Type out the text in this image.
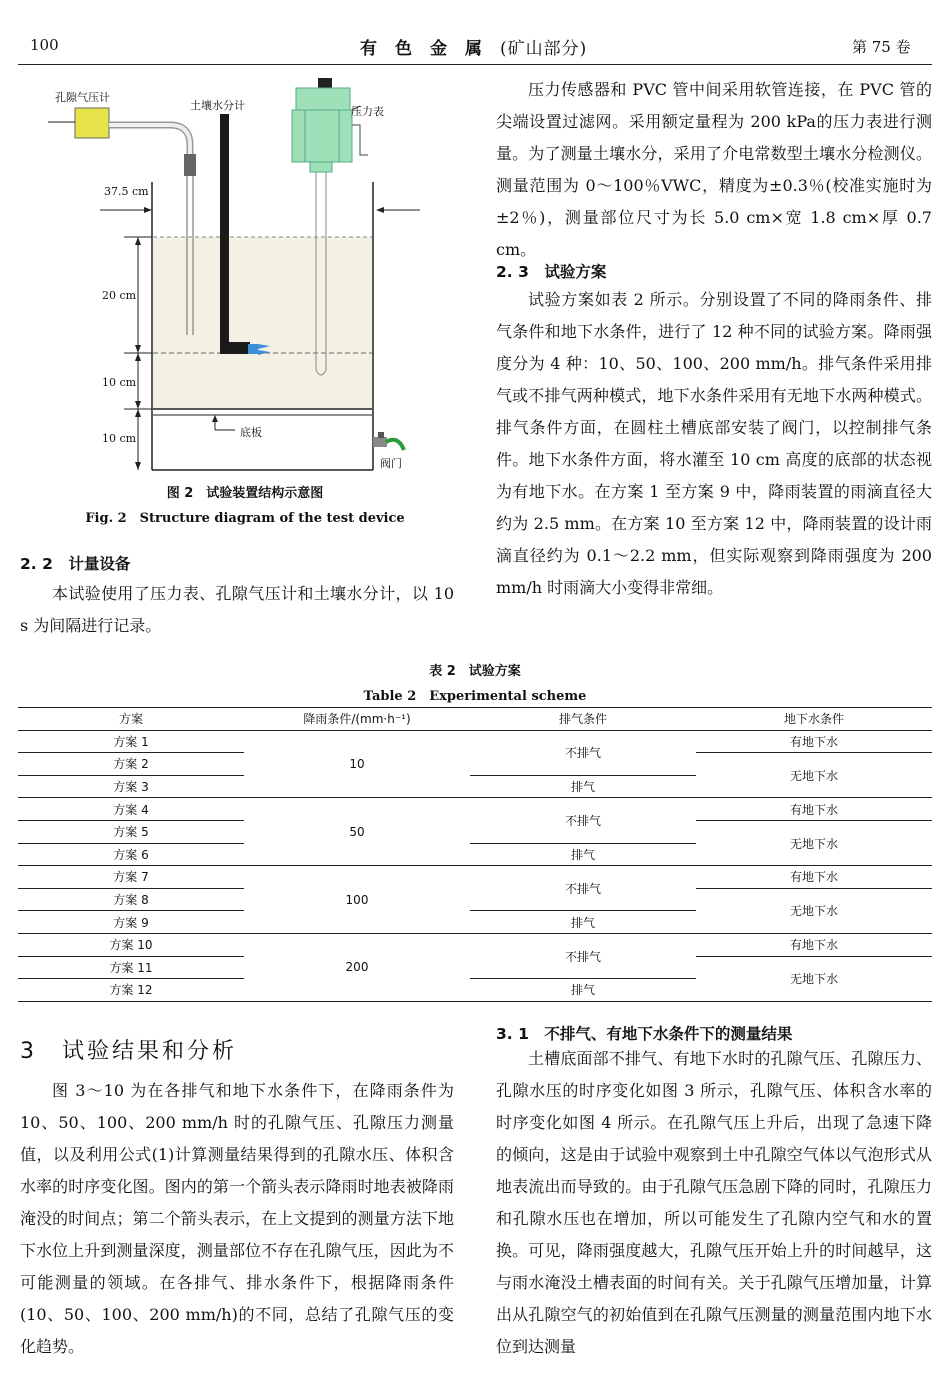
100	有色金属(矿山部分)	第 75 卷
孔隙气压计
土壤水分计	压力表
底板
阀门
37.5 cm
20 cm
10 cm
10 cm
图 2　试验装置结构示意图
Fig. 2　Structure diagram of the test device
2. 2　计量设备

本试验使用了压力表、孔隙气压计和土壤水分计，以 10 s 为间隔进行记录。

压力传感器和 PVC 管中间采用软管连接，在 PVC 管的尖端设置过滤网。采用额定量程为 200 kPa的压力表进行测量。为了测量土壤水分，采用了介电常数型土壤水分检测仪。测量范围为 0～100％VWC，精度为±0.3％(校准实施时为±2％)，测量部位尺寸为长 5.0 cm×宽 1.8 cm×厚 0.7 cm。

2. 3　试验方案

试验方案如表 2 所示。分别设置了不同的降雨条件、排气条件和地下水条件，进行了 12 种不同的试验方案。降雨强度分为 4 种：10、50、100、200 mm/h。排气条件采用排气或不排气两种模式，地下水条件采用有无地下水两种模式。排气条件方面，在圆柱土槽底部安装了阀门，以控制排气条件。地下水条件方面，将水灌至 10 cm 高度的底部的状态视为有地下水。在方案 1 至方案 9 中，降雨装置的雨滴直径大约为 2.5 mm。在方案 10 至方案 12 中，降雨装置的设计雨滴直径约为 0.1～2.2 mm，但实际观察到降雨强度为 200 mm/h 时雨滴大小变得非常细。

表 2　试验方案
Table 2　Experimental scheme
方案	降雨条件/(mm·h⁻¹)	排气条件	地下水条件
方案 1	10	不排气	有地下水
方案 2			无地下水
方案 3		排气	
方案 4	50	不排气	有地下水
方案 5			无地下水
方案 6		排气	
方案 7	100	不排气	有地下水
方案 8			无地下水
方案 9		排气	
方案 10	200	不排气	有地下水
方案 11			无地下水
方案 12		排气	
3　试验结果和分析

图 3～10 为在各排气和地下水条件下，在降雨条件为 10、50、100、200 mm/h 时的孔隙气压、孔隙压力测量值，以及利用公式(1)计算测量结果得到的孔隙水压、体积含水率的时序变化图。图内的第一个箭头表示降雨时地表被降雨淹没的时间点；第二个箭头表示，在上文提到的测量方法下地下水位上升到测量深度，测量部位不存在孔隙气压，因此为不可能测量的领域。在各排气、排水条件下，根据降雨条件(10、50、100、200 mm/h)的不同，总结了孔隙气压的变化趋势。

3. 1　不排气、有地下水条件下的测量结果

土槽底面部不排气、有地下水时的孔隙气压、孔隙压力、孔隙水压的时序变化如图 3 所示，孔隙气压、体积含水率的时序变化如图 4 所示。在孔隙气压上升后，出现了急速下降的倾向，这是由于试验中观察到土中孔隙空气体以气泡形式从地表流出而导致的。由于孔隙气压急剧下降的同时，孔隙压力和孔隙水压也在增加，所以可能发生了孔隙内空气和水的置换。可见，降雨强度越大，孔隙气压开始上升的时间越早，这与雨水淹没土槽表面的时间有关。关于孔隙气压增加量，计算出从孔隙空气的初始值到在孔隙气压测量的测量范围内地下水位到达测量
